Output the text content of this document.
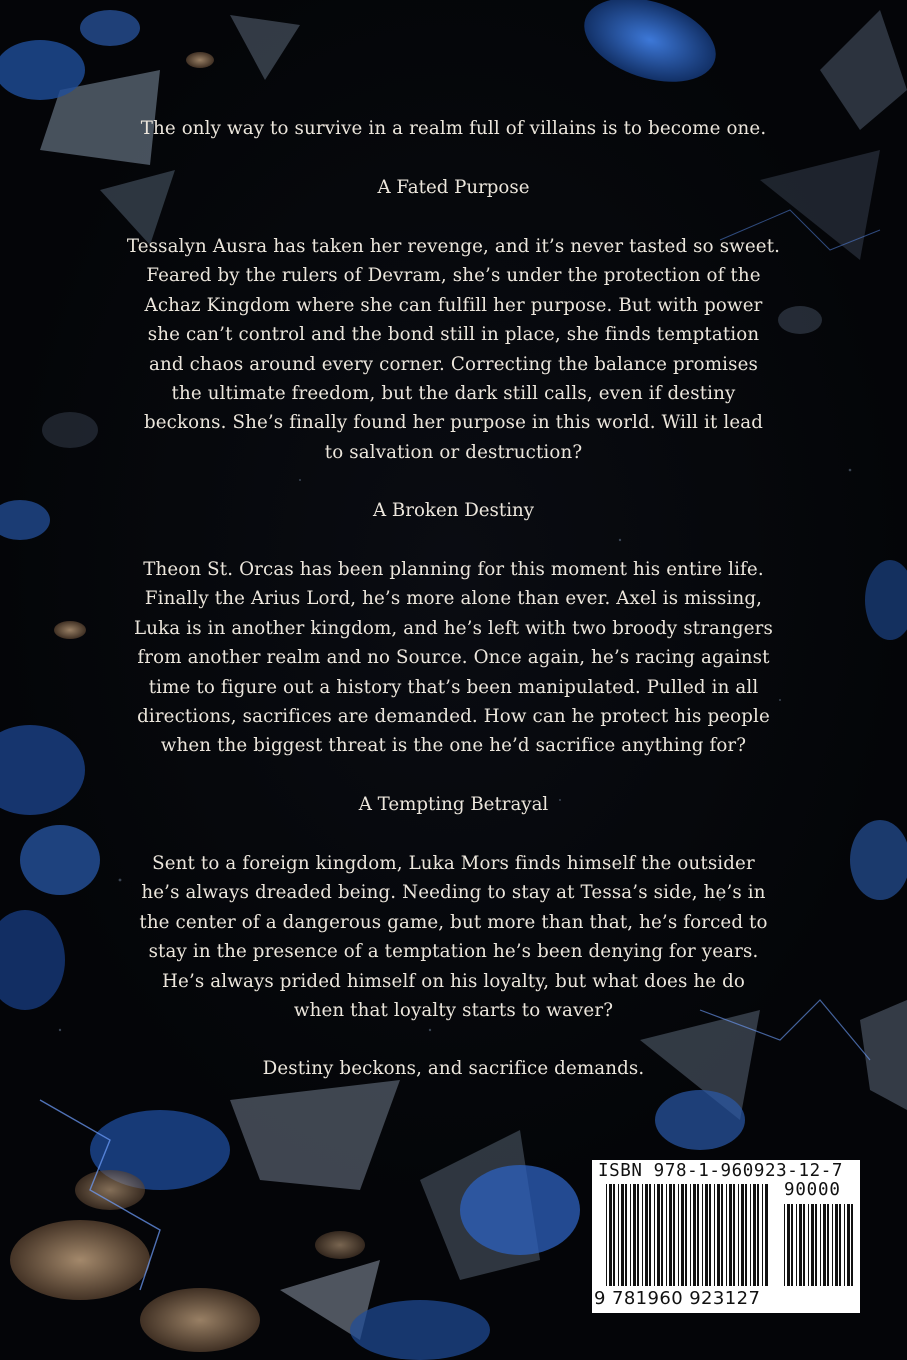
The only way to survive in a realm full of villains is to become one.

A Fated Purpose

Tessalyn Ausra has taken her revenge, and it’s never tasted so sweet.

Feared by the rulers of Devram, she’s under the protection of the

Achaz Kingdom where she can fulfill her purpose. But with power

she can’t control and the bond still in place, she finds temptation

and chaos around every corner. Correcting the balance promises

the ultimate freedom, but the dark still calls, even if destiny

beckons. She’s finally found her purpose in this world. Will it lead

to salvation or destruction?

A Broken Destiny

Theon St. Orcas has been planning for this moment his entire life.

Finally the Arius Lord, he’s more alone than ever. Axel is missing,

Luka is in another kingdom, and he’s left with two broody strangers

from another realm and no Source. Once again, he’s racing against

time to figure out a history that’s been manipulated. Pulled in all

directions, sacrifices are demanded. How can he protect his people

when the biggest threat is the one he’d sacrifice anything for?

A Tempting Betrayal

Sent to a foreign kingdom, Luka Mors finds himself the outsider

he’s always dreaded being. Needing to stay at Tessa’s side, he’s in

the center of a dangerous game, but more than that, he’s forced to

stay in the presence of a temptation he’s been denying for years.

He’s always prided himself on his loyalty, but what does he do

when that loyalty starts to waver?

Destiny beckons, and sacrifice demands.

ISBN 978-1-960923-12-7
90000
9 781960 923127
